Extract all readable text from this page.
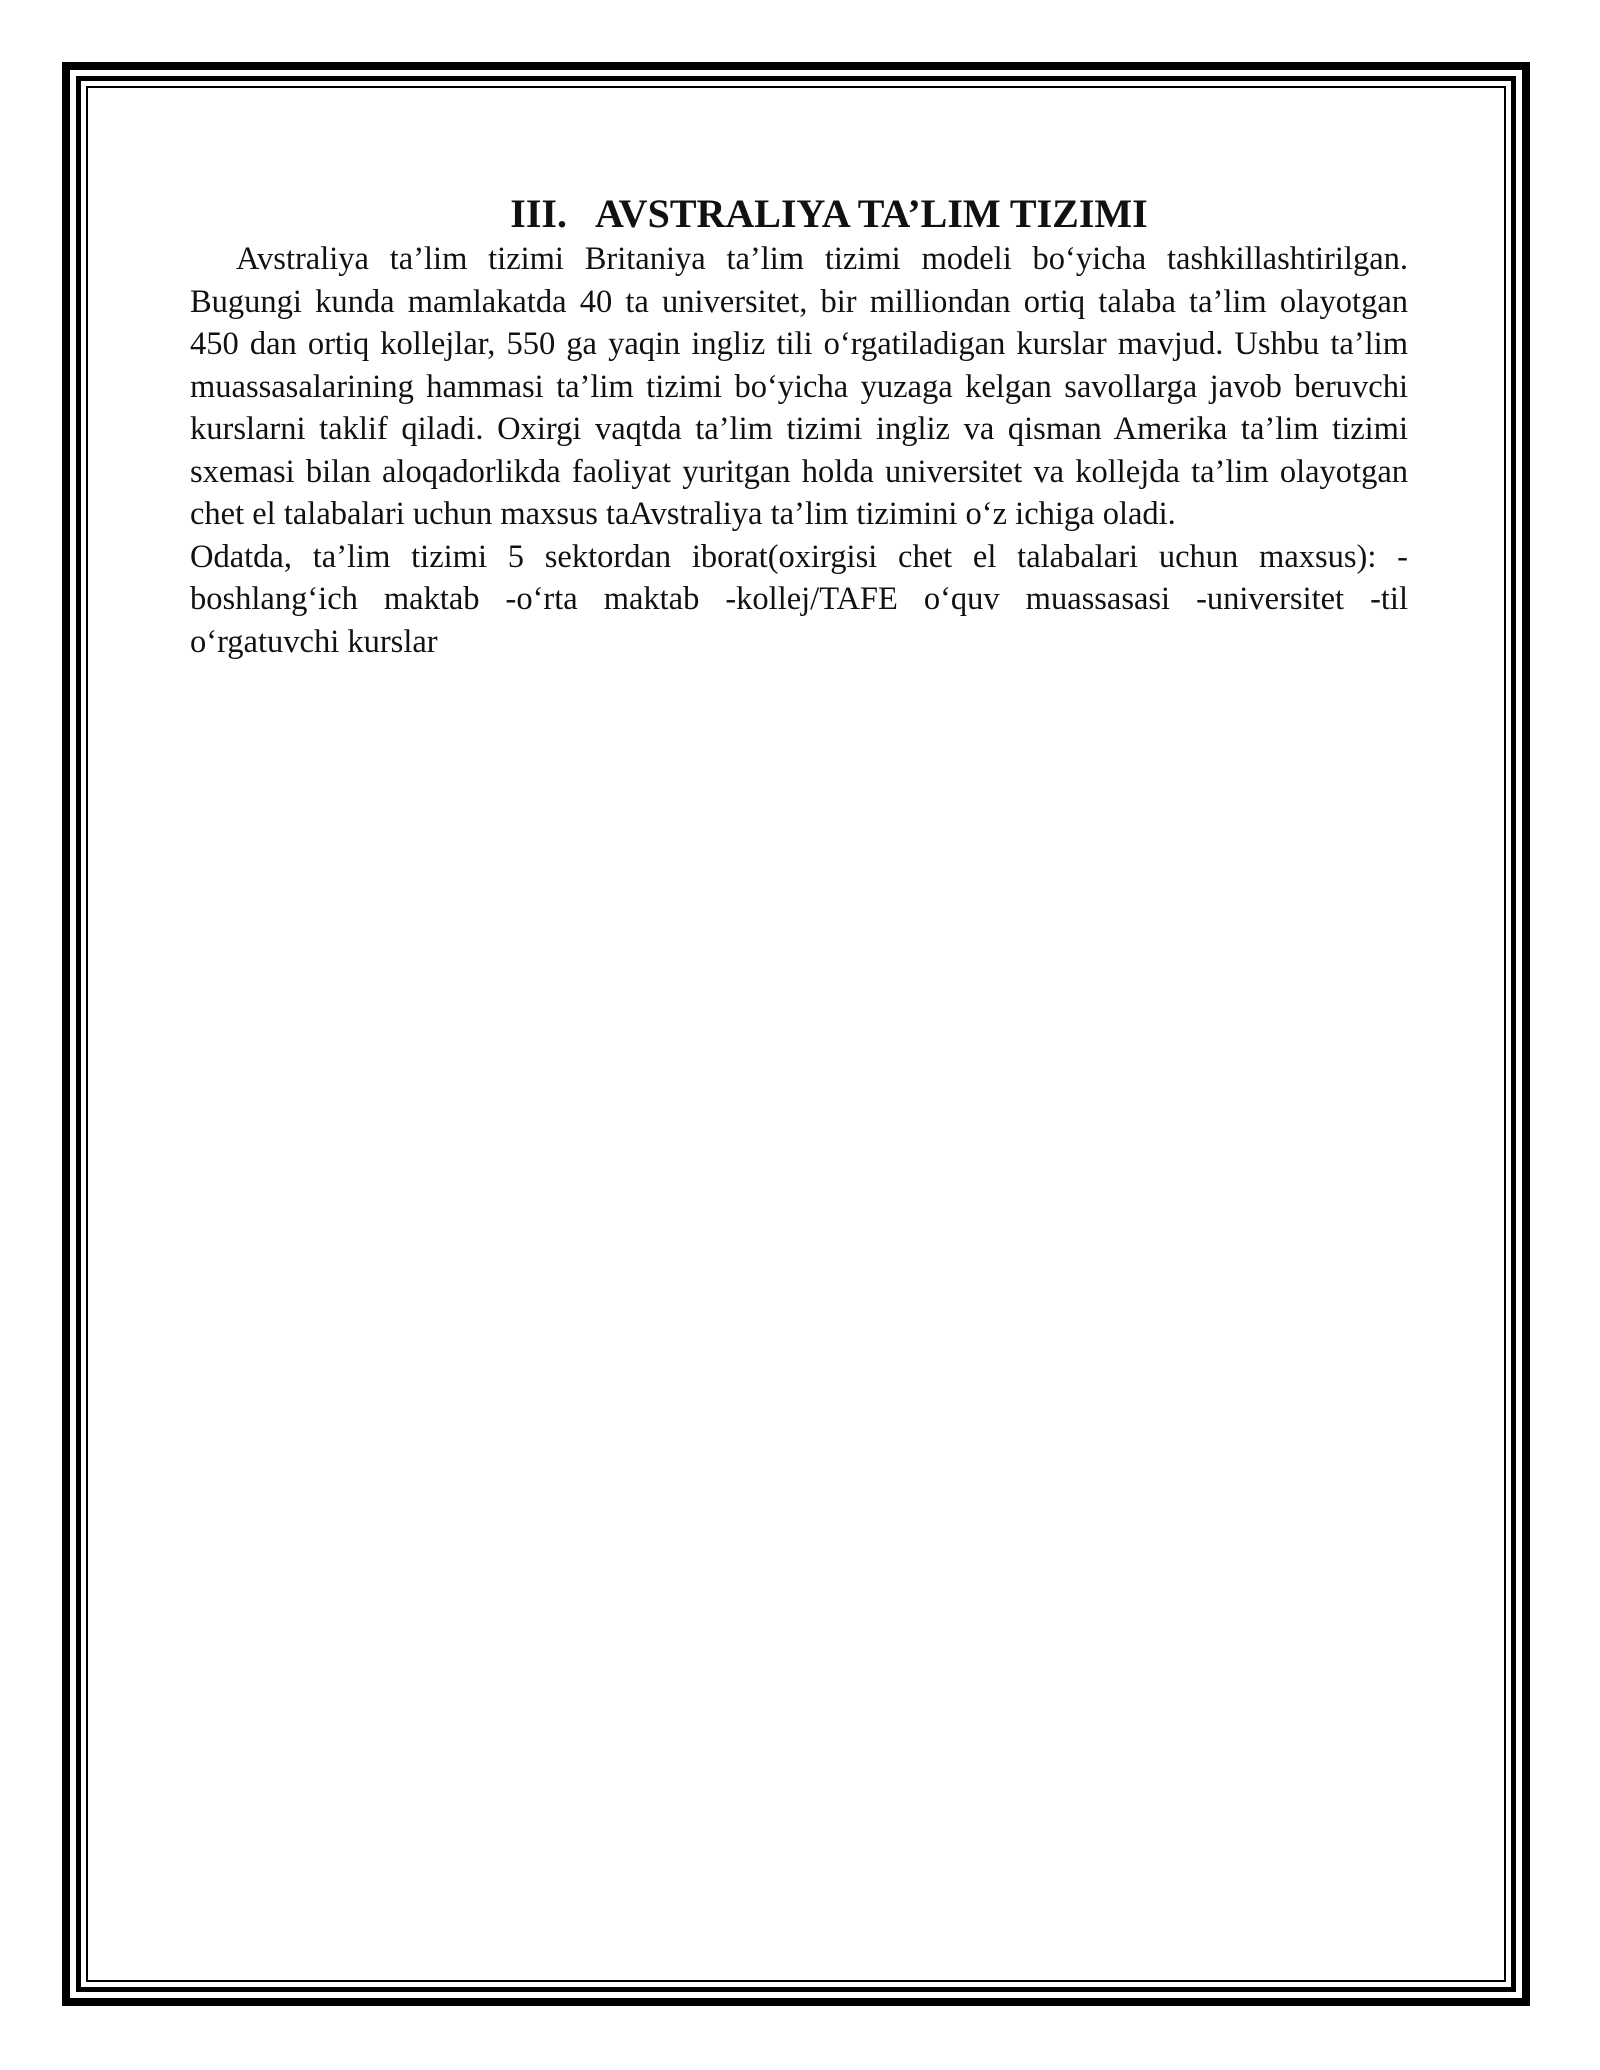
III. AVSTRALIYA TA’LIM TIZIMI

Avstraliya ta’lim tizimi Britaniya ta’lim tizimi modeli bo‘yicha tashkillashtirilgan. Bugungi kunda mamlakatda 40 ta universitet, bir milliondan ortiq talaba ta’lim olayotgan 450 dan ortiq kollejlar, 550 ga yaqin ingliz tili o‘rgatiladigan kurslar mavjud. Ushbu ta’lim muassasalarining hammasi ta’lim tizimi bo‘yicha yuzaga kelgan savollarga javob beruvchi kurslarni taklif qiladi. Oxirgi vaqtda ta’lim tizimi ingliz va qisman Amerika ta’lim tizimi sxemasi bilan aloqadorlikda faoliyat yuritgan holda universitet va kollejda ta’lim olayotgan chet el talabalari uchun maxsus taAvstraliya ta’lim tizimini o‘z ichiga oladi.

Odatda, ta’lim tizimi 5 sektordan iborat(oxirgisi chet el talabalari uchun maxsus): - boshlang‘ich maktab -o‘rta maktab -kollej/TAFE o‘quv muassasasi -universitet -til o‘rgatuvchi kurslar
